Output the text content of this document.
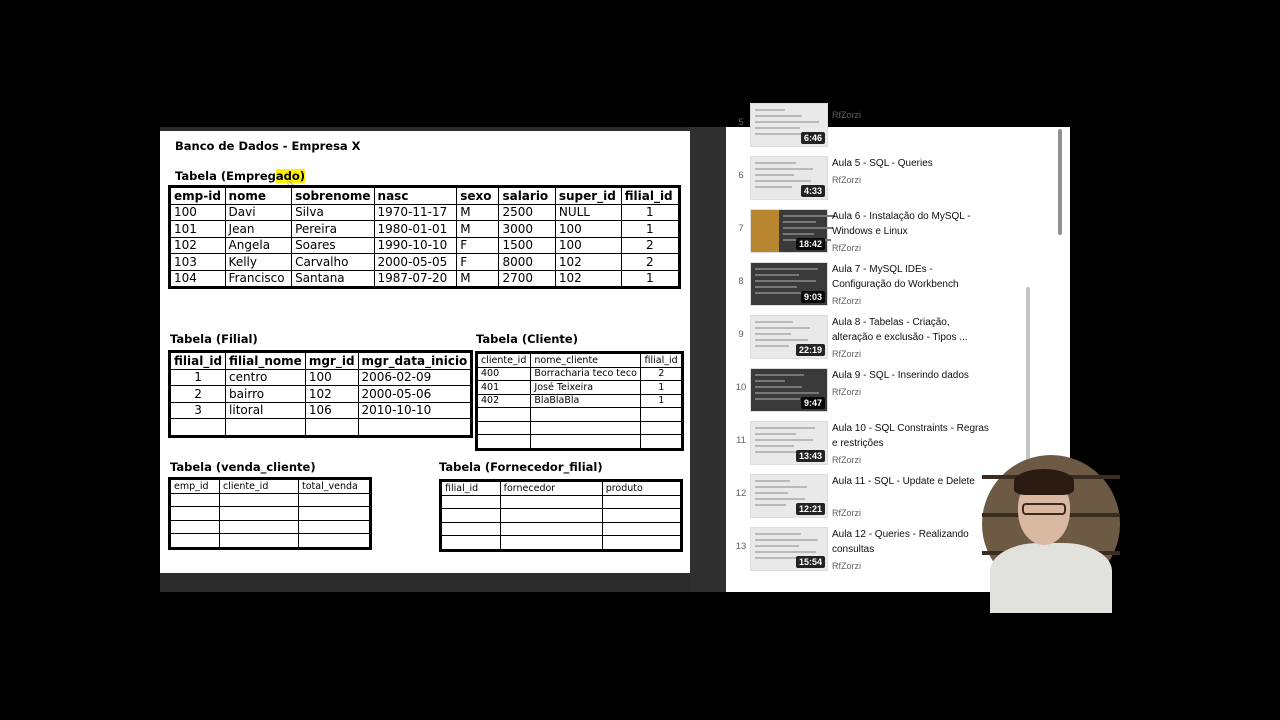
Banco de Dados - Empresa X
Tabela (Empregado)
emp-id	nome	sobrenome	nasc	sexo	salario	super_id	filial_id
100	Davi	Silva	1970-11-17	M	2500	NULL	1
101	Jean	Pereira	1980-01-01	M	3000	100	1
102	Angela	Soares	1990-10-10	F	1500	100	2
103	Kelly	Carvalho	2000-05-05	F	8000	102	2
104	Francisco	Santana	1987-07-20	M	2700	102	1
Tabela (Filial)
filial_id	filial_nome	mgr_id	mgr_data_inicio
1	centro	100	2006-02-09
2	bairro	102	2000-05-06
3	litoral	106	2010-10-10

Tabela (Cliente)
cliente_id	nome_cliente	filial_id
400	Borracharia teco teco	2
401	José Teixeira	1
402	BlaBlaBla	1

Tabela (venda_cliente)
emp_id	cliente_id	total_venda

Tabela (Fornecedor_filial)
filial_id	fornecedor	produto

5
6:46
RfZorzi
6
4:33
Aula 5 - SQL - Queries
RfZorzi
7
18:42
Aula 6 - Instalação do MySQL - Windows e Linux
RfZorzi
8
9:03
Aula 7 - MySQL IDEs - Configuração do Workbench
RfZorzi
9
22:19
Aula 8 - Tabelas - Criação, alteração e exclusão - Tipos ...
RfZorzi
10
9:47
Aula 9 - SQL - Inserindo dados
RfZorzi
11
13:43
Aula 10 - SQL Constraints - Regras e restrições
RfZorzi
12
12:21
Aula 11 - SQL - Update e Delete
RfZorzi
13
15:54
Aula 12 - Queries - Realizando consultas
RfZorzi
